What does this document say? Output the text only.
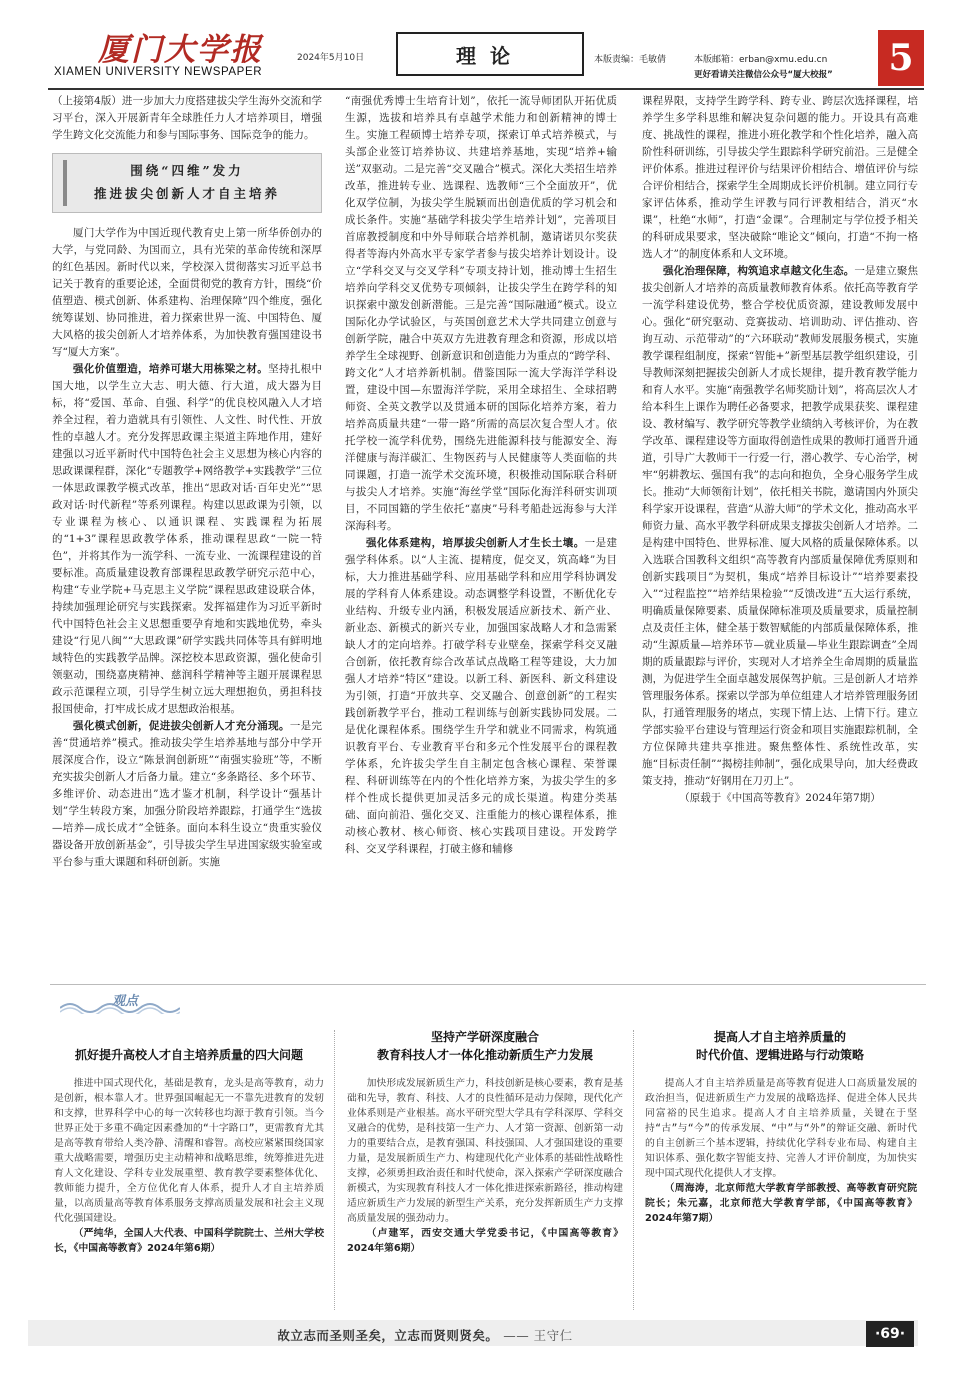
厦门大学报
XIAMEN UNIVERSITY NEWSPAPER
2024年5月10日	理论	本版责编：毛敏倩	本版邮箱：erban@xmu.edu.cn
更好看请关注微信公众号“厦大校报” 5

（上接第4版）进一步加大力度搭建拔尖学生海外交流和学习平台，深入开展新青年全球胜任力人才培养项目，增强学生跨文化交流能力和参与国际事务、国际竞争的能力。

围绕“四维”发力
推进拔尖创新人才自主培养

厦门大学作为中国近现代教育史上第一所华侨创办的大学，与党同龄、为国而立，具有光荣的革命传统和深厚的红色基因。新时代以来，学校深入贯彻落实习近平总书记关于教育的重要论述，全面贯彻党的教育方针，围绕“价值塑造、模式创新、体系建构、治理保障”四个维度，强化统筹谋划、协同推进，着力探索世界一流、中国特色、厦大风格的拔尖创新人才培养体系，为加快教育强国建设书写“厦大方案”。

强化价值塑造，培养可堪大用栋梁之材。坚持扎根中国大地，以学生立大志、明大德、行大道，成大器为目标，将“爱国、革命、自强、科学”的优良校风融入人才培养全过程，着力造就具有引领性、人文性、时代性、开放性的卓越人才。充分发挥思政课主渠道主阵地作用，建好建强以习近平新时代中国特色社会主义思想为核心内容的思政课课程群，深化“专题教学+网络教学+实践教学”三位一体思政课教学模式改革，推出“思政对话·百年史光”“思政对话·时代新程”等系列课程。构建以思政课为引领，以专业课程为核心、以通识课程、实践课程为拓展的“1+3”课程思政教学体系，推动课程思政“一院一特色”，并将其作为一流学科、一流专业、一流课程建设的首要标准。高质量建设教育部课程思政教学研究示范中心，构建“专业学院+马克思主义学院”课程思政建设联合体，持续加强理论研究与实践探索。发挥福建作为习近平新时代中国特色社会主义思想重要孕育地和实践地优势，牵头建设“行见八闽”“大思政课”研学实践共同体等具有鲜明地域特色的实践教学品牌。深挖校本思政资源，强化使命引领驱动，围绕嘉庚精神、慈润科学精神等主题开展课程思政示范课程立项，引导学生树立远大理想抱负，勇担科技报国使命，打牢成长成才思想政治根基。

强化模式创新，促进拔尖创新人才充分涌现。一是完善“贯通培养”模式。推动拔尖学生培养基地与部分中学开展深度合作，设立“陈景润创新班”“南强实验班”等，不断充实拔尖创新人才后备力量。建立“多条路径、多个环节、多维评价、动态进出”选才鉴才机制，科学设计“强基计划”学生转段方案，加强分阶段培养跟踪，打通学生“选拔—培养—成长成才”全链条。面向本科生设立“贵重实验仪器设备开放创新基金”，引导拔尖学生早进国家级实验室或平台参与重大课题和科研创新。实施

“南强优秀博士生培育计划”，依托一流导师团队开拓优质生源，选拔和培养具有卓越学术能力和创新精神的博士生。实施工程硕博士培养专项，探索订单式培养模式，与头部企业签订培养协议、共建培养基地，实现“培养+输送”双驱动。二是完善“交叉融合”模式。深化大类招生培养改革，推进转专业、选课程、选教师“三个全面放开”，优化双学位制，为拔尖学生脱颖而出创造优质的学习机会和成长条件。实施“基础学科拔尖学生培养计划”，完善项目首席教授制度和中外导师联合培养机制，邀请诺贝尔奖获得者等海内外高水平专家学者参与拔尖培养计划设计。设立“学科交叉与交叉学科”专项支持计划，推动博士生招生培养向学科交叉优势专项倾斜，让拔尖学生在跨学科的知识探索中激发创新潜能。三是完善“国际融通”模式。设立国际化办学试验区，与英国创意艺术大学共同建立创意与创新学院，融合中英双方先进教育理念和资源，形成以培养学生全球视野、创新意识和创造能力为重点的“跨学科、跨文化”人才培养新机制。借鉴国际一流大学海洋学科设置，建设中国—东盟海洋学院，采用全球招生、全球招聘师资、全英文教学以及贯通本研的国际化培养方案，着力培养高质量共建“一带一路”所需的高层次复合型人才。依托学校一流学科优势，围绕先进能源科技与能源安全、海洋健康与海洋碳汇、生物医药与人民健康等人类面临的共同课题，打造一流学术交流环境，积极推动国际联合科研与拔尖人才培养。实施“海丝学堂”国际化海洋科研实训项目，不同国籍的学生依托“嘉庚”号科考船赴远海参与大洋深海科考。

强化体系建构，培厚拔尖创新人才生长土壤。一是建强学科体系。以“人主流、提精度，促交叉，筑高峰”为目标，大力推进基础学科、应用基础学科和应用学科协调发展的学科育人体系建设。动态调整学科设置，不断优化专业结构、升级专业内涵，积极发展适应新技术、新产业、新业态、新模式的新兴专业，加强国家战略人才和急需紧缺人才的定向培养。打破学科专业壁垒，探索学科交叉融合创新，依托教育综合改革试点战略工程等建设，大力加强人才培养“特区”建设。以新工科、新医科、新文科建设为引领，打造“开放共享、交叉融合、创意创新”的工程实践创新教学平台，推动工程训练与创新实践协同发展。二是优化课程体系。围绕学生升学和就业不同需求，构筑通识教育平台、专业教育平台和多元个性发展平台的课程教学体系，允许拔尖学生自主制定包含核心课程、荣誉课程、科研训练等在内的个性化培养方案，为拔尖学生的多样个性成长提供更加灵活多元的成长渠道。构建分类基础、面向前沿、强化交叉、注重能力的核心课程体系，推动核心教材、核心师资、核心实践项目建设。开发跨学科、交叉学科课程，打破主修和辅修

课程界限，支持学生跨学科、跨专业、跨层次选择课程，培养学生多学科思维和解决复杂问题的能力。开设具有高难度、挑战性的课程，推进小班化教学和个性化培养，融入高阶性科研训练，引导拔尖学生跟踪科学研究前沿。三是健全评价体系。推进过程评价与结果评价相结合、增值评价与综合评价相结合，探索学生全周期成长评价机制。建立同行专家评估体系，推动学生评教与同行评教相结合，消灭“水课”，杜绝“水师”，打造“金课”。合理制定与学位授予相关的科研成果要求，坚决破除“唯论文”倾向，打造“不拘一格选人才”的制度体系和人文环境。

强化治理保障，构筑追求卓越文化生态。一是建立聚焦拔尖创新人才培养的高质量教师教育体系。依托高等教育学一流学科建设优势，整合学校优质资源，建设教师发展中心。强化“研究驱动、竞赛拔动、培训助动、评估推动、咨询互动、示范带动”的“六环联动”教师发展服务模式，实施教学课程组制度，探索“智能+”新型基层教学组织建设，引导教师深刻把握拔尖创新人才成长规律，提升教育教学能力和育人水平。实施“南强教学名师奖励计划”，将高层次人才给本科生上课作为聘任必备要求，把教学成果获奖、课程建设、教材编写、教学研究等教学业绩纳入考核评价，为在教学改革、课程建设等方面取得创造性成果的教师打通晋升通道，引导广大教师干一行爱一行，潜心教学、专心治学，树牢“躬耕教坛、强国有我”的志向和抱负，全身心服务学生成长。推动“大师领衔计划”，依托相关书院，邀请国内外顶尖科学家开设课程，营造“从游大师”的学术文化，推动高水平师资力量、高水平教学科研成果支撑拔尖创新人才培养。二是构建中国特色、世界标准、厦大风格的质量保障体系。以入选联合国教科文组织“高等教育内部质量保障优秀原则和创新实践项目”为契机，集成“培养目标设计”“培养要素投入”“过程监控”“培养结果检验”“反馈改进”五大运行系统，明确质量保障要素、质量保障标准项及质量要求，质量控制点及责任主体，健全基于数智赋能的内部质量保障体系，推动“生源质量—培养环节—就业质量—毕业生跟踪调查”全周期的质量跟踪与评价，实现对人才培养全生命周期的质量监测，为促进学生全面卓越发展保驾护航。三是创新人才培养管理服务体系。探索以学部为单位组建人才培养管理服务团队，打通管理服务的堵点，实现下情上达、上情下行。建立学部实验平台建设与管理运行资金和项目实施跟踪机制，全方位保障共建共享推进。聚焦整体性、系统性改革，实施“目标责任制”“揭榜挂帅制”，强化成果导向，加大经费政策支持，推动“好钢用在刀刃上”。

（原载于《中国高等教育》2024年第7期）

观点
抓好提升高校人才自主培养质量的四大问题

推进中国式现代化，基础是教育，龙头是高等教育，动力是创新，根本靠人才。世界强国崛起无一不靠先进教育的发轫和支撑，世界科学中心的每一次转移也均源于教育引领。当今世界正处于多重不确定因素叠加的“十字路口”，更需教育尤其是高等教育带给人类冷静、清醒和睿智。高校应紧紧围绕国家重大战略需要，增强历史主动精神和战略思维，统筹推进先进育人文化建设、学科专业发展重塑、教育教学要素整体优化、教师能力提升，全方位优化育人体系，提升人才自主培养质量，以高质量高等教育体系服务支撑高质量发展和社会主义现代化强国建设。

（严纯华，全国人大代表、中国科学院院士、兰州大学校长，《中国高等教育》2024年第6期）

坚持产学研深度融合
教育科技人才一体化推动新质生产力发展

加快形成发展新质生产力，科技创新是核心要素，教育是基础和先导，教育、科技、人才的良性循环是动力保障，现代化产业体系则是产业根基。高水平研究型大学具有学科深厚、学科交叉融合的优势，是科技第一生产力、人才第一资源、创新第一动力的重要结合点，是教育强国、科技强国、人才强国建设的重要力量，是发展新质生产力、构建现代化产业体系的基础性战略性支撑，必须勇担政治责任和时代使命，深入探索产学研深度融合新模式，为实现教育科技人才一体化推进探索新路径，推动构建适应新质生产力发展的新型生产关系，充分发挥新质生产力支撑高质量发展的强劲动力。

（卢建军，西安交通大学党委书记，《中国高等教育》2024年第6期）

提高人才自主培养质量的
时代价值、逻辑进路与行动策略

提高人才自主培养质量是高等教育促进人口高质量发展的政治担当，促进新质生产力发展的战略选择、促进全体人民共同富裕的民生追求。提高人才自主培养质量，关键在于坚持“古”与“今”的传承发展、“中”与“外”的辩证交融、新时代的自主创新三个基本逻辑，持续优化学科专业布局、构建自主知识体系、强化数字智能支持、完善人才评价制度，为加快实现中国式现代化提供人才支撑。

（周海涛，北京师范大学教育学部教授、高等教育研究院院长；朱元嘉，北京师范大学教育学部，《中国高等教育》2024年第7期）

故立志而圣则圣矣，立志而贤则贤矣。 —— 王守仁	·69·
